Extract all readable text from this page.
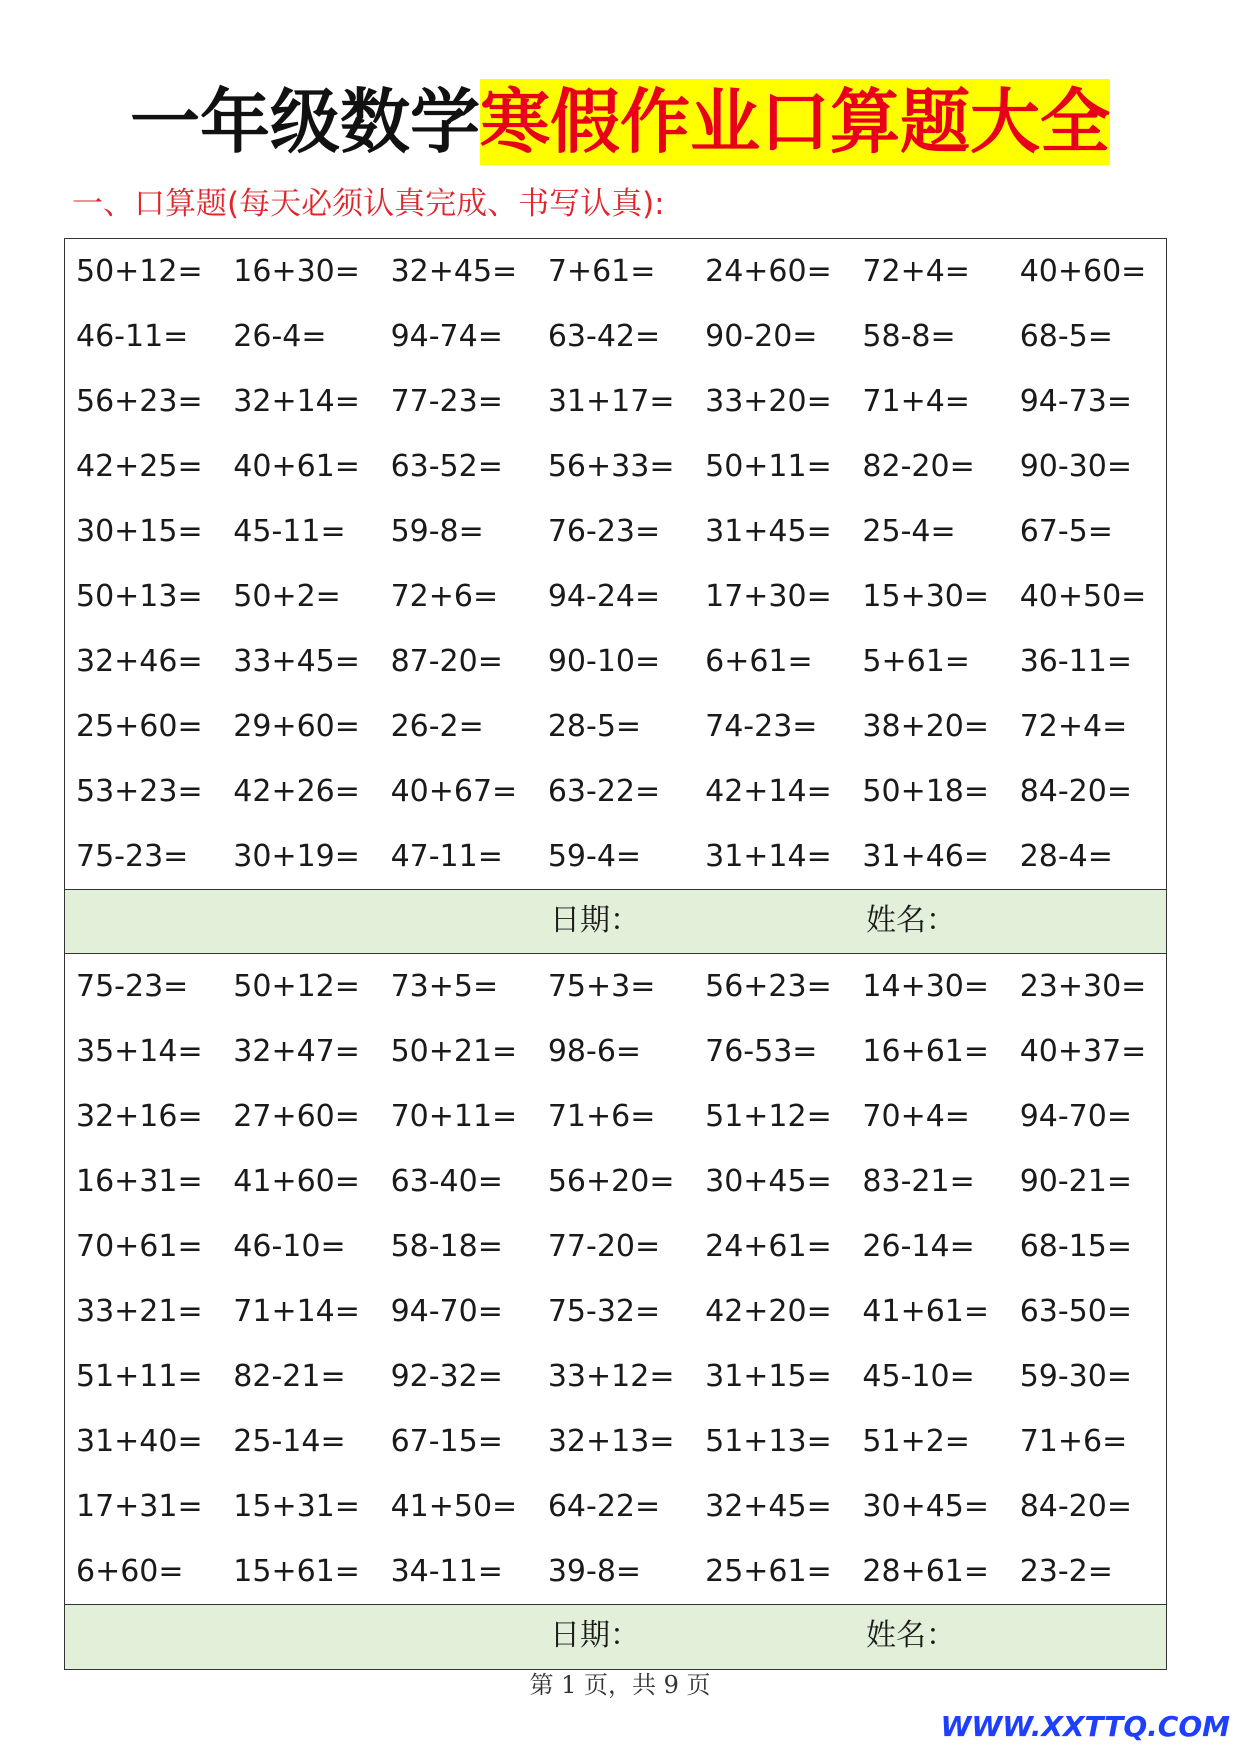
一年级数学寒假作业口算题大全
一、口算题(每天必须认真完成、书写认真):
50+12=	16+30=	32+45=	7+61=	24+60=	72+4=	40+60=
46-11=	26-4=	94-74=	63-42=	90-20=	58-8=	68-5=
56+23=	32+14=	77-23=	31+17=	33+20=	71+4=	94-73=
42+25=	40+61=	63-52=	56+33=	50+11=	82-20=	90-30=
30+15=	45-11=	59-8=	76-23=	31+45=	25-4=	67-5=
50+13=	50+2=	72+6=	94-24=	17+30=	15+30=	40+50=
32+46=	33+45=	87-20=	90-10=	6+61=	5+61=	36-11=
25+60=	29+60=	26-2=	28-5=	74-23=	38+20=	72+4=
53+23=	42+26=	40+67=	63-22=	42+14=	50+18=	84-20=
75-23=	30+19=	47-11=	59-4=	31+14=	31+46=	28-4=
日期：	姓名：
75-23=	50+12=	73+5=	75+3=	56+23=	14+30=	23+30=
35+14=	32+47=	50+21=	98-6=	76-53=	16+61=	40+37=
32+16=	27+60=	70+11=	71+6=	51+12=	70+4=	94-70=
16+31=	41+60=	63-40=	56+20=	30+45=	83-21=	90-21=
70+61=	46-10=	58-18=	77-20=	24+61=	26-14=	68-15=
33+21=	71+14=	94-70=	75-32=	42+20=	41+61=	63-50=
51+11=	82-21=	92-32=	33+12=	31+15=	45-10=	59-30=
31+40=	25-14=	67-15=	32+13=	51+13=	51+2=	71+6=
17+31=	15+31=	41+50=	64-22=	32+45=	30+45=	84-20=
6+60=	15+61=	34-11=	39-8=	25+61=	28+61=	23-2=
日期：	姓名：
第 1 页，共 9 页
WWW.XXTTQ.COM
